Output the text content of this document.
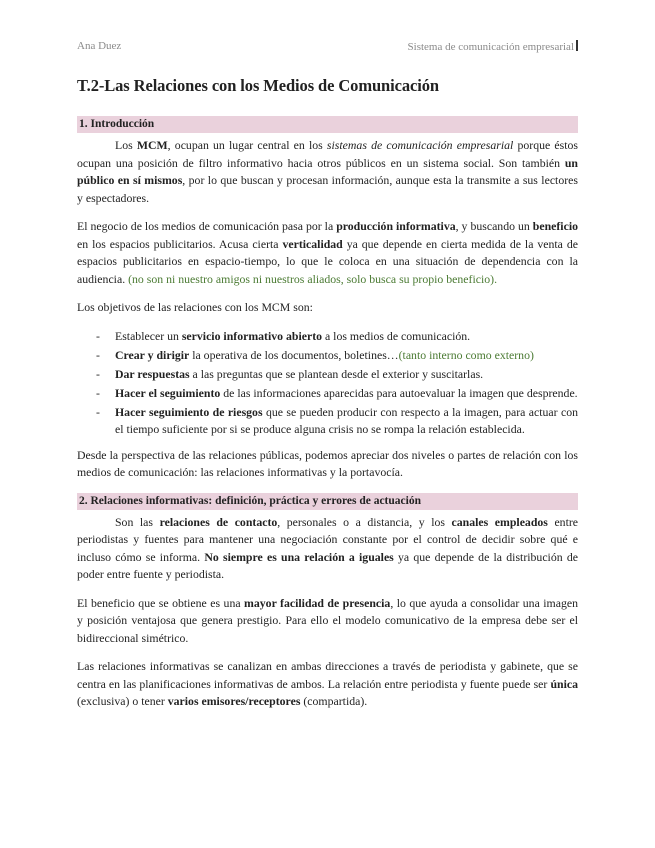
Ana Duez	Sistema de comunicación empresarial
T.2-Las Relaciones con los Medios de Comunicación
1. Introducción

Los MCM, ocupan un lugar central en los sistemas de comunicación empresarial porque éstos ocupan una posición de filtro informativo hacia otros públicos en un sistema social. Son también un público en sí mismos, por lo que buscan y procesan información, aunque esta la transmite a sus lectores y espectadores.

El negocio de los medios de comunicación pasa por la producción informativa, y buscando un beneficio en los espacios publicitarios. Acusa cierta verticalidad ya que depende en cierta medida de la venta de espacios publicitarios en espacio-tiempo, lo que le coloca en una situación de dependencia con la audiencia. (no son ni nuestro amigos ni nuestros aliados, solo busca su propio beneficio).

Los objetivos de las relaciones con los MCM son:

- Establecer un servicio informativo abierto a los medios de comunicación.
- Crear y dirigir la operativa de los documentos, boletines…(tanto interno como externo)
- Dar respuestas a las preguntas que se plantean desde el exterior y suscitarlas.
- Hacer el seguimiento de las informaciones aparecidas para autoevaluar la imagen que desprende.
- Hacer seguimiento de riesgos que se pueden producir con respecto a la imagen, para actuar con el tiempo suficiente por si se produce alguna crisis no se rompa la relación establecida.

Desde la perspectiva de las relaciones públicas, podemos apreciar dos niveles o partes de relación con los medios de comunicación: las relaciones informativas y la portavocía.

2. Relaciones informativas: definición, práctica y errores de actuación

Son las relaciones de contacto, personales o a distancia, y los canales empleados entre periodistas y fuentes para mantener una negociación constante por el control de decidir sobre qué e incluso cómo se informa. No siempre es una relación a iguales ya que depende de la distribución de poder entre fuente y periodista.

El beneficio que se obtiene es una mayor facilidad de presencia, lo que ayuda a consolidar una imagen y posición ventajosa que genera prestigio. Para ello el modelo comunicativo de la empresa debe ser el bidireccional simétrico.

Las relaciones informativas se canalizan en ambas direcciones a través de periodista y gabinete, que se centra en las planificaciones informativas de ambos. La relación entre periodista y fuente puede ser única (exclusiva) o tener varios emisores/receptores (compartida).
